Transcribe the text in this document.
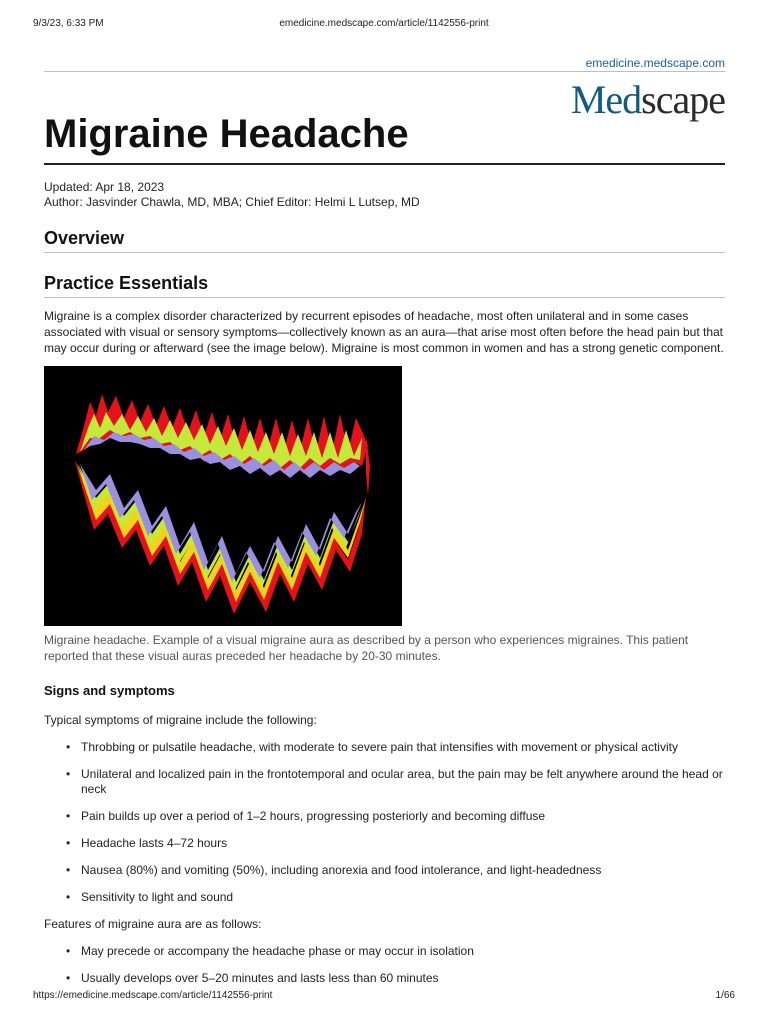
9/3/23, 6:33 PM	emedicine.medscape.com/article/1142556-print
emedicine.medscape.com
Medscape
Migraine Headache
Updated: Apr 18, 2023
Author: Jasvinder Chawla, MD, MBA; Chief Editor: Helmi L Lutsep, MD
Overview
Practice Essentials

Migraine is a complex disorder characterized by recurrent episodes of headache, most often unilateral and in some cases associated with visual or sensory symptoms—collectively known as an aura—that arise most often before the head pain but that may occur during or afterward (see the image below). Migraine is most common in women and has a strong genetic component.

Migraine headache. Example of a visual migraine aura as described by a person who experiences migraines. This patient reported that these visual auras preceded her headache by 20-30 minutes.

Signs and symptoms

Typical symptoms of migraine include the following:

• Throbbing or pulsatile headache, with moderate to severe pain that intensifies with movement or physical activity
• Unilateral and localized pain in the frontotemporal and ocular area, but the pain may be felt anywhere around the head or neck
• Pain builds up over a period of 1–2 hours, progressing posteriorly and becoming diffuse
• Headache lasts 4–72 hours
• Nausea (80%) and vomiting (50%), including anorexia and food intolerance, and light-headedness
• Sensitivity to light and sound

Features of migraine aura are as follows:

• May precede or accompany the headache phase or may occur in isolation
• Usually develops over 5–20 minutes and lasts less than 60 minutes
https://emedicine.medscape.com/article/1142556-print	1/66
